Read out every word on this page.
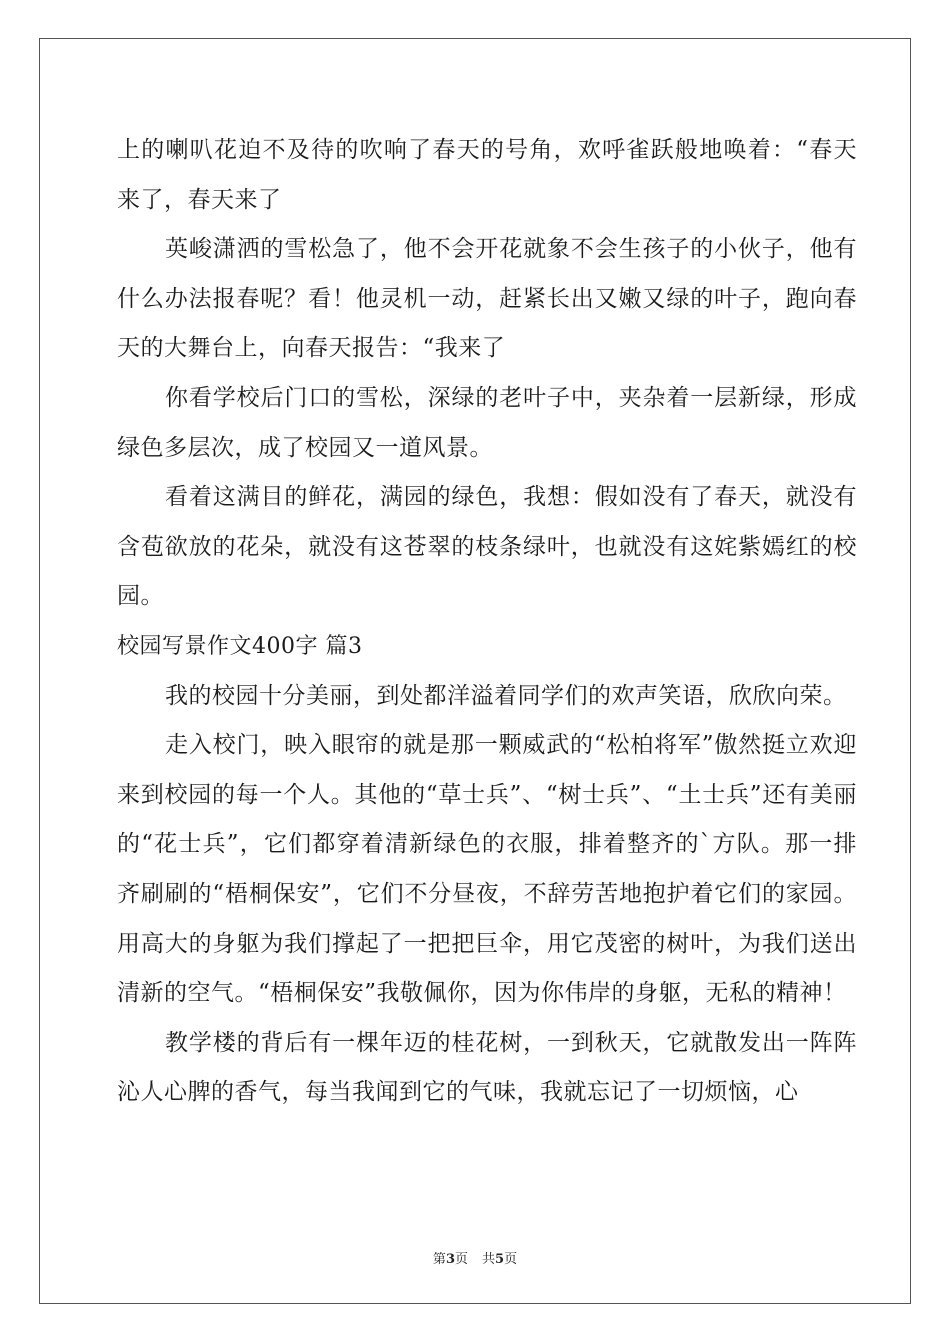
上的喇叭花迫不及待的吹响了春天的号角，欢呼雀跃般地唤着：“春天来了，春天来了

英峻潇洒的雪松急了，他不会开花就象不会生孩子的小伙子，他有什么办法报春呢？看！他灵机一动，赶紧长出又嫩又绿的叶子，跑向春天的大舞台上，向春天报告：“我来了

你看学校后门口的雪松，深绿的老叶子中，夹杂着一层新绿，形成绿色多层次，成了校园又一道风景。

看着这满目的鲜花，满园的绿色，我想：假如没有了春天，就没有含苞欲放的花朵，就没有这苍翠的枝条绿叶，也就没有这姹紫嫣红的校园。

校园写景作文400字 篇3

我的校园十分美丽，到处都洋溢着同学们的欢声笑语，欣欣向荣。

走入校门，映入眼帘的就是那一颗威武的“松柏将军”傲然挺立欢迎来到校园的每一个人。其他的“草士兵”、“树士兵”、“土士兵”还有美丽的“花士兵”，它们都穿着清新绿色的衣服，排着整齐的`方队。那一排齐刷刷的“梧桐保安”，它们不分昼夜，不辞劳苦地抱护着它们的家园。用高大的身躯为我们撑起了一把把巨伞，用它茂密的树叶，为我们送出清新的空气。“梧桐保安”我敬佩你，因为你伟岸的身躯，无私的精神！

教学楼的背后有一棵年迈的桂花树，一到秋天，它就散发出一阵阵沁人心脾的香气，每当我闻到它的气味，我就忘记了一切烦恼，心

第3页 共5页
